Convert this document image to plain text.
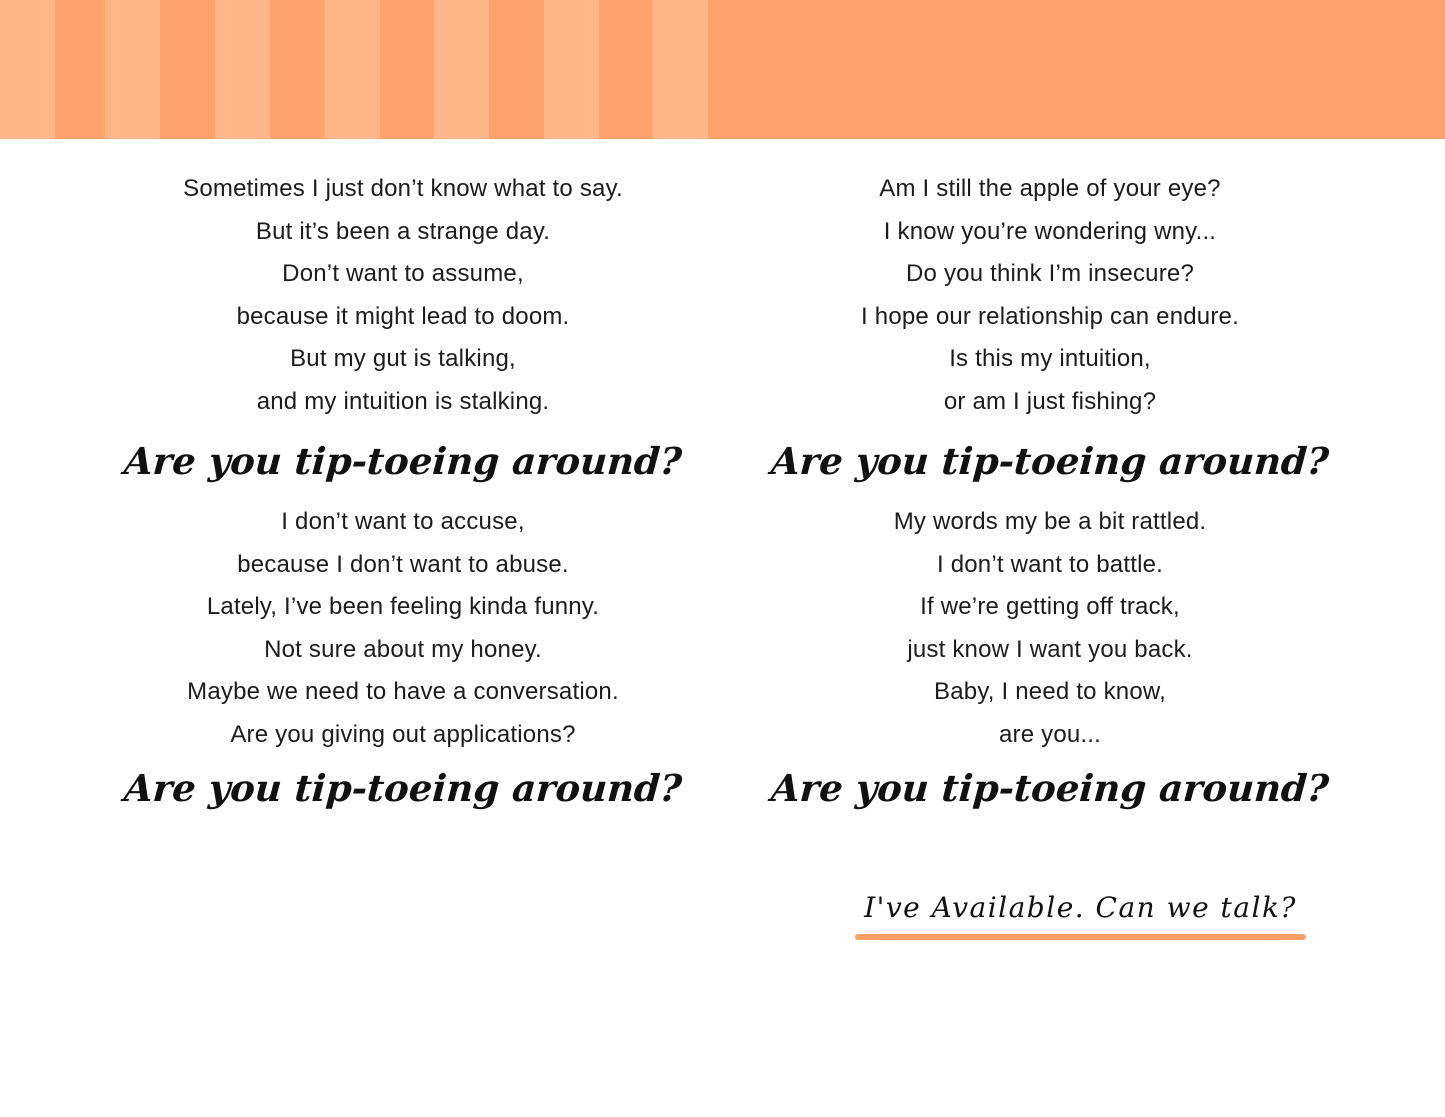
Sometimes I just don’t know what to say.
But it’s been a strange day.
Don’t want to assume,
because it might lead to doom.
But my gut is talking,
and my intuition is stalking.
Are you tip-toeing around?
I don’t want to accuse,
because I don’t want to abuse.
Lately, I’ve been feeling kinda funny.
Not sure about my honey.
Maybe we need to have a conversation.
Are you giving out applications?
Are you tip-toeing around?
Am I still the apple of your eye?
I know you’re wondering wny...
Do you think I’m insecure?
I hope our relationship can endure.
Is this my intuition,
or am I just fishing?
Are you tip-toeing around?
My words my be a bit rattled.
I don’t want to battle.
If we’re getting off track,
just know I want you back.
Baby, I need to know,
are you...
Are you tip-toeing around?
I've Available. Can we talk?
